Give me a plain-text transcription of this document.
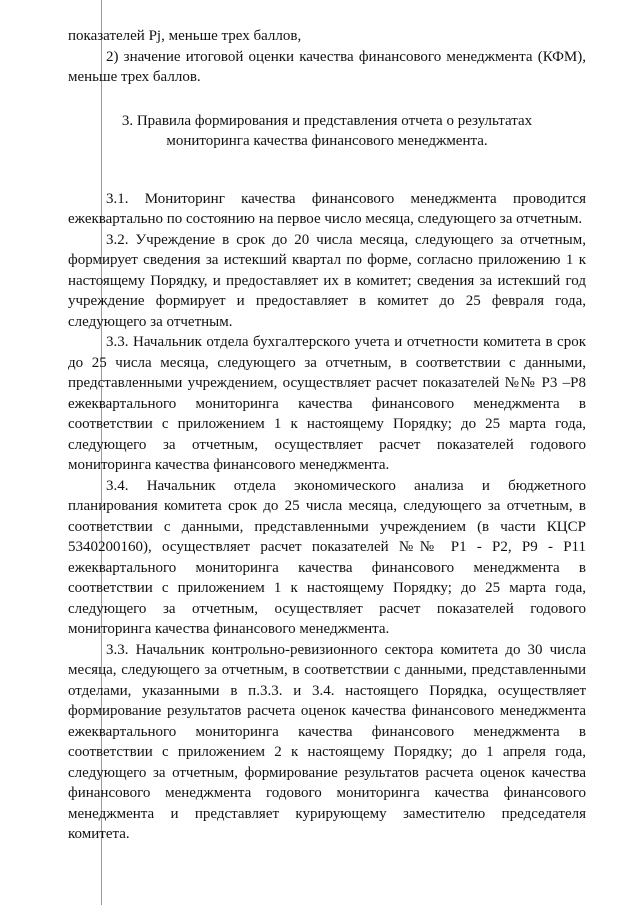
показателей Pj, меньше трех баллов,

2) значение итоговой оценки качества финансового менеджмента (КФМ), меньше трех баллов.

3. Правила формирования и представления отчета о результатах
мониторинга качества финансового менеджмента.

3.1. Мониторинг качества финансового менеджмента проводится ежеквартально по состоянию на первое число месяца, следующего за отчетным.

3.2. Учреждение в срок до 20 числа месяца, следующего за отчетным, формирует сведения за истекший квартал по форме, согласно приложению 1 к настоящему Порядку, и предоставляет их в комитет; сведения за истекший год учреждение формирует и предоставляет в комитет до 25 февраля года, следующего за отчетным.

3.3. Начальник отдела бухгалтерского учета и отчетности комитета в срок до 25 числа месяца, следующего за отчетным, в соответствии с данными, представленными учреждением, осуществляет расчет показателей №№ P3 –P8 ежеквартального мониторинга качества финансового менеджмента в соответствии с приложением 1 к настоящему Порядку; до 25 марта года, следующего за отчетным, осуществляет расчет показателей годового мониторинга качества финансового менеджмента.

3.4. Начальник отдела экономического анализа и бюджетного планирования комитета срок до 25 числа месяца, следующего за отчетным, в соответствии с данными, представленными учреждением (в части КЦСР 5340200160), осуществляет расчет показателей №№ P1 - P2, P9 - P11 ежеквартального мониторинга качества финансового менеджмента в соответствии с приложением 1 к настоящему Порядку; до 25 марта года, следующего за отчетным, осуществляет расчет показателей годового мониторинга качества финансового менеджмента.

3.3. Начальник контрольно-ревизионного сектора комитета до 30 числа месяца, следующего за отчетным, в соответствии с данными, представленными отделами, указанными в п.3.3. и 3.4. настоящего Порядка, осуществляет формирование результатов расчета оценок качества финансового менеджмента ежеквартального мониторинга качества финансового менеджмента в соответствии с приложением 2 к настоящему Порядку; до 1 апреля года, следующего за отчетным, формирование результатов расчета оценок качества финансового менеджмента годового мониторинга качества финансового менеджмента и представляет курирующему заместителю председателя комитета.
